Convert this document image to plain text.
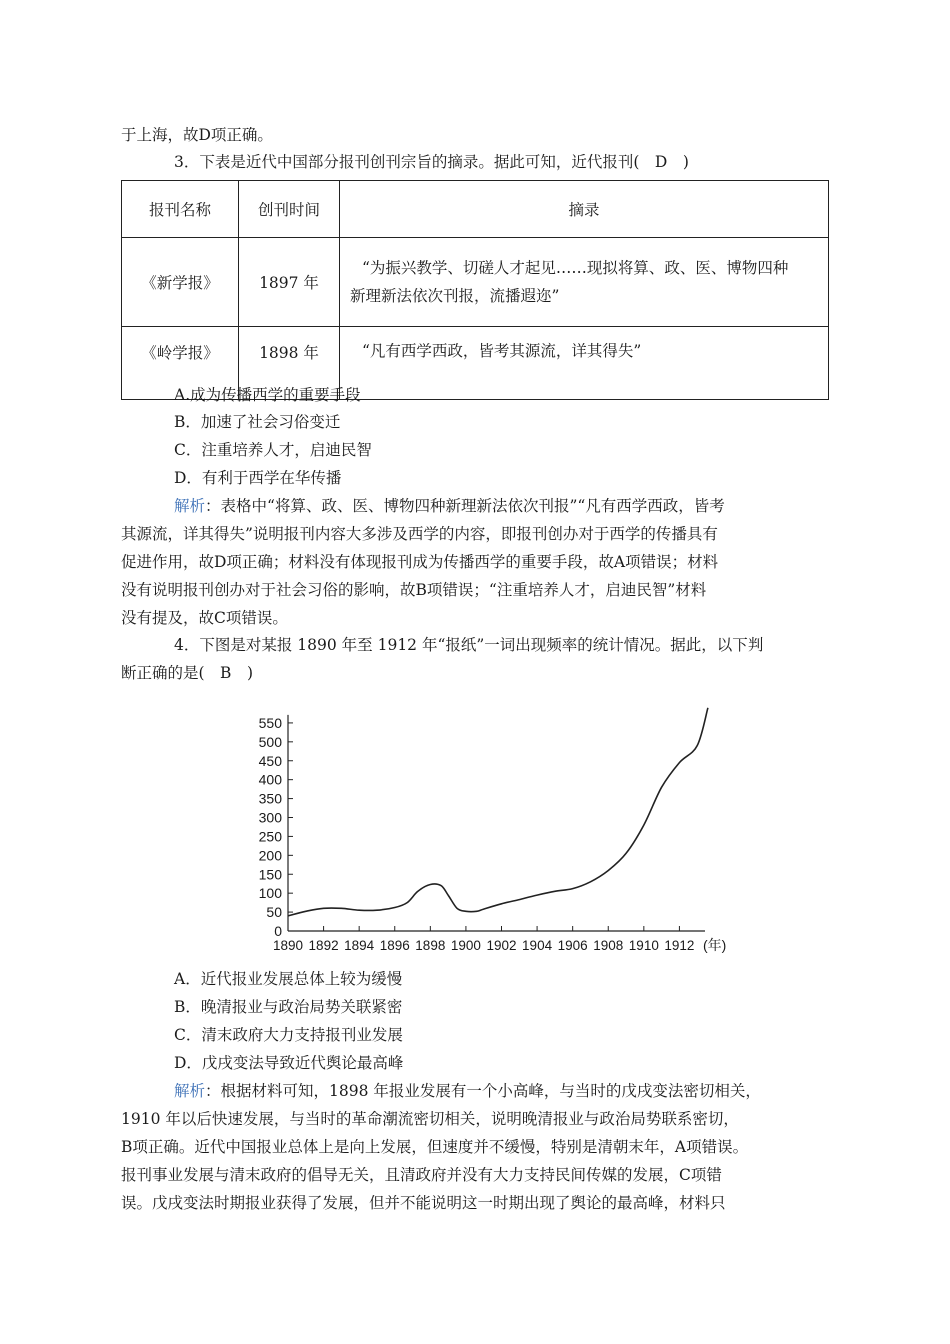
于上海，故D项正确。
3．下表是近代中国部分报刊创刊宗旨的摘录。据此可知，近代报刊(　D　)
报刊名称	创刊时间	摘录
《新学报》	1897 年	“为振兴教学、切磋人才起见……现拟将算、政、医、博物四种
新理新法依次刊报，流播遐迩”

《岭学报》	1898 年	“凡有西学西政，皆考其源流，详其得失”
A.成为传播西学的重要手段
B．加速了社会习俗变迁
C．注重培养人才，启迪民智
D．有利于西学在华传播
解析：表格中“将算、政、医、博物四种新理新法依次刊报”“凡有西学西政，皆考
其源流，详其得失”说明报刊内容大多涉及西学的内容，即报刊创办对于西学的传播具有
促进作用，故D项正确；材料没有体现报刊成为传播西学的重要手段，故A项错误；材料
没有说明报刊创办对于社会习俗的影响，故B项错误；“注重培养人才，启迪民智”材料
没有提及，故C项错误。
4．下图是对某报 1890 年至 1912 年“报纸”一词出现频率的统计情况。据此，以下判
断正确的是(　B　)
0
50
100
150
200
250
300
350
400
450
500
550
1890 1892 1894 1896 1898 1900 1902 1904 1906 1908 1910 1912 (年)
A．近代报业发展总体上较为缓慢
B．晚清报业与政治局势关联紧密
C．清末政府大力支持报刊业发展
D．戊戌变法导致近代舆论最高峰
解析：根据材料可知，1898 年报业发展有一个小高峰，与当时的戊戌变法密切相关，
1910 年以后快速发展，与当时的革命潮流密切相关，说明晚清报业与政治局势联系密切，
B项正确。近代中国报业总体上是向上发展，但速度并不缓慢，特别是清朝末年，A项错误。
报刊事业发展与清末政府的倡导无关，且清政府并没有大力支持民间传媒的发展，C项错
误。戊戌变法时期报业获得了发展，但并不能说明这一时期出现了舆论的最高峰，材料只
